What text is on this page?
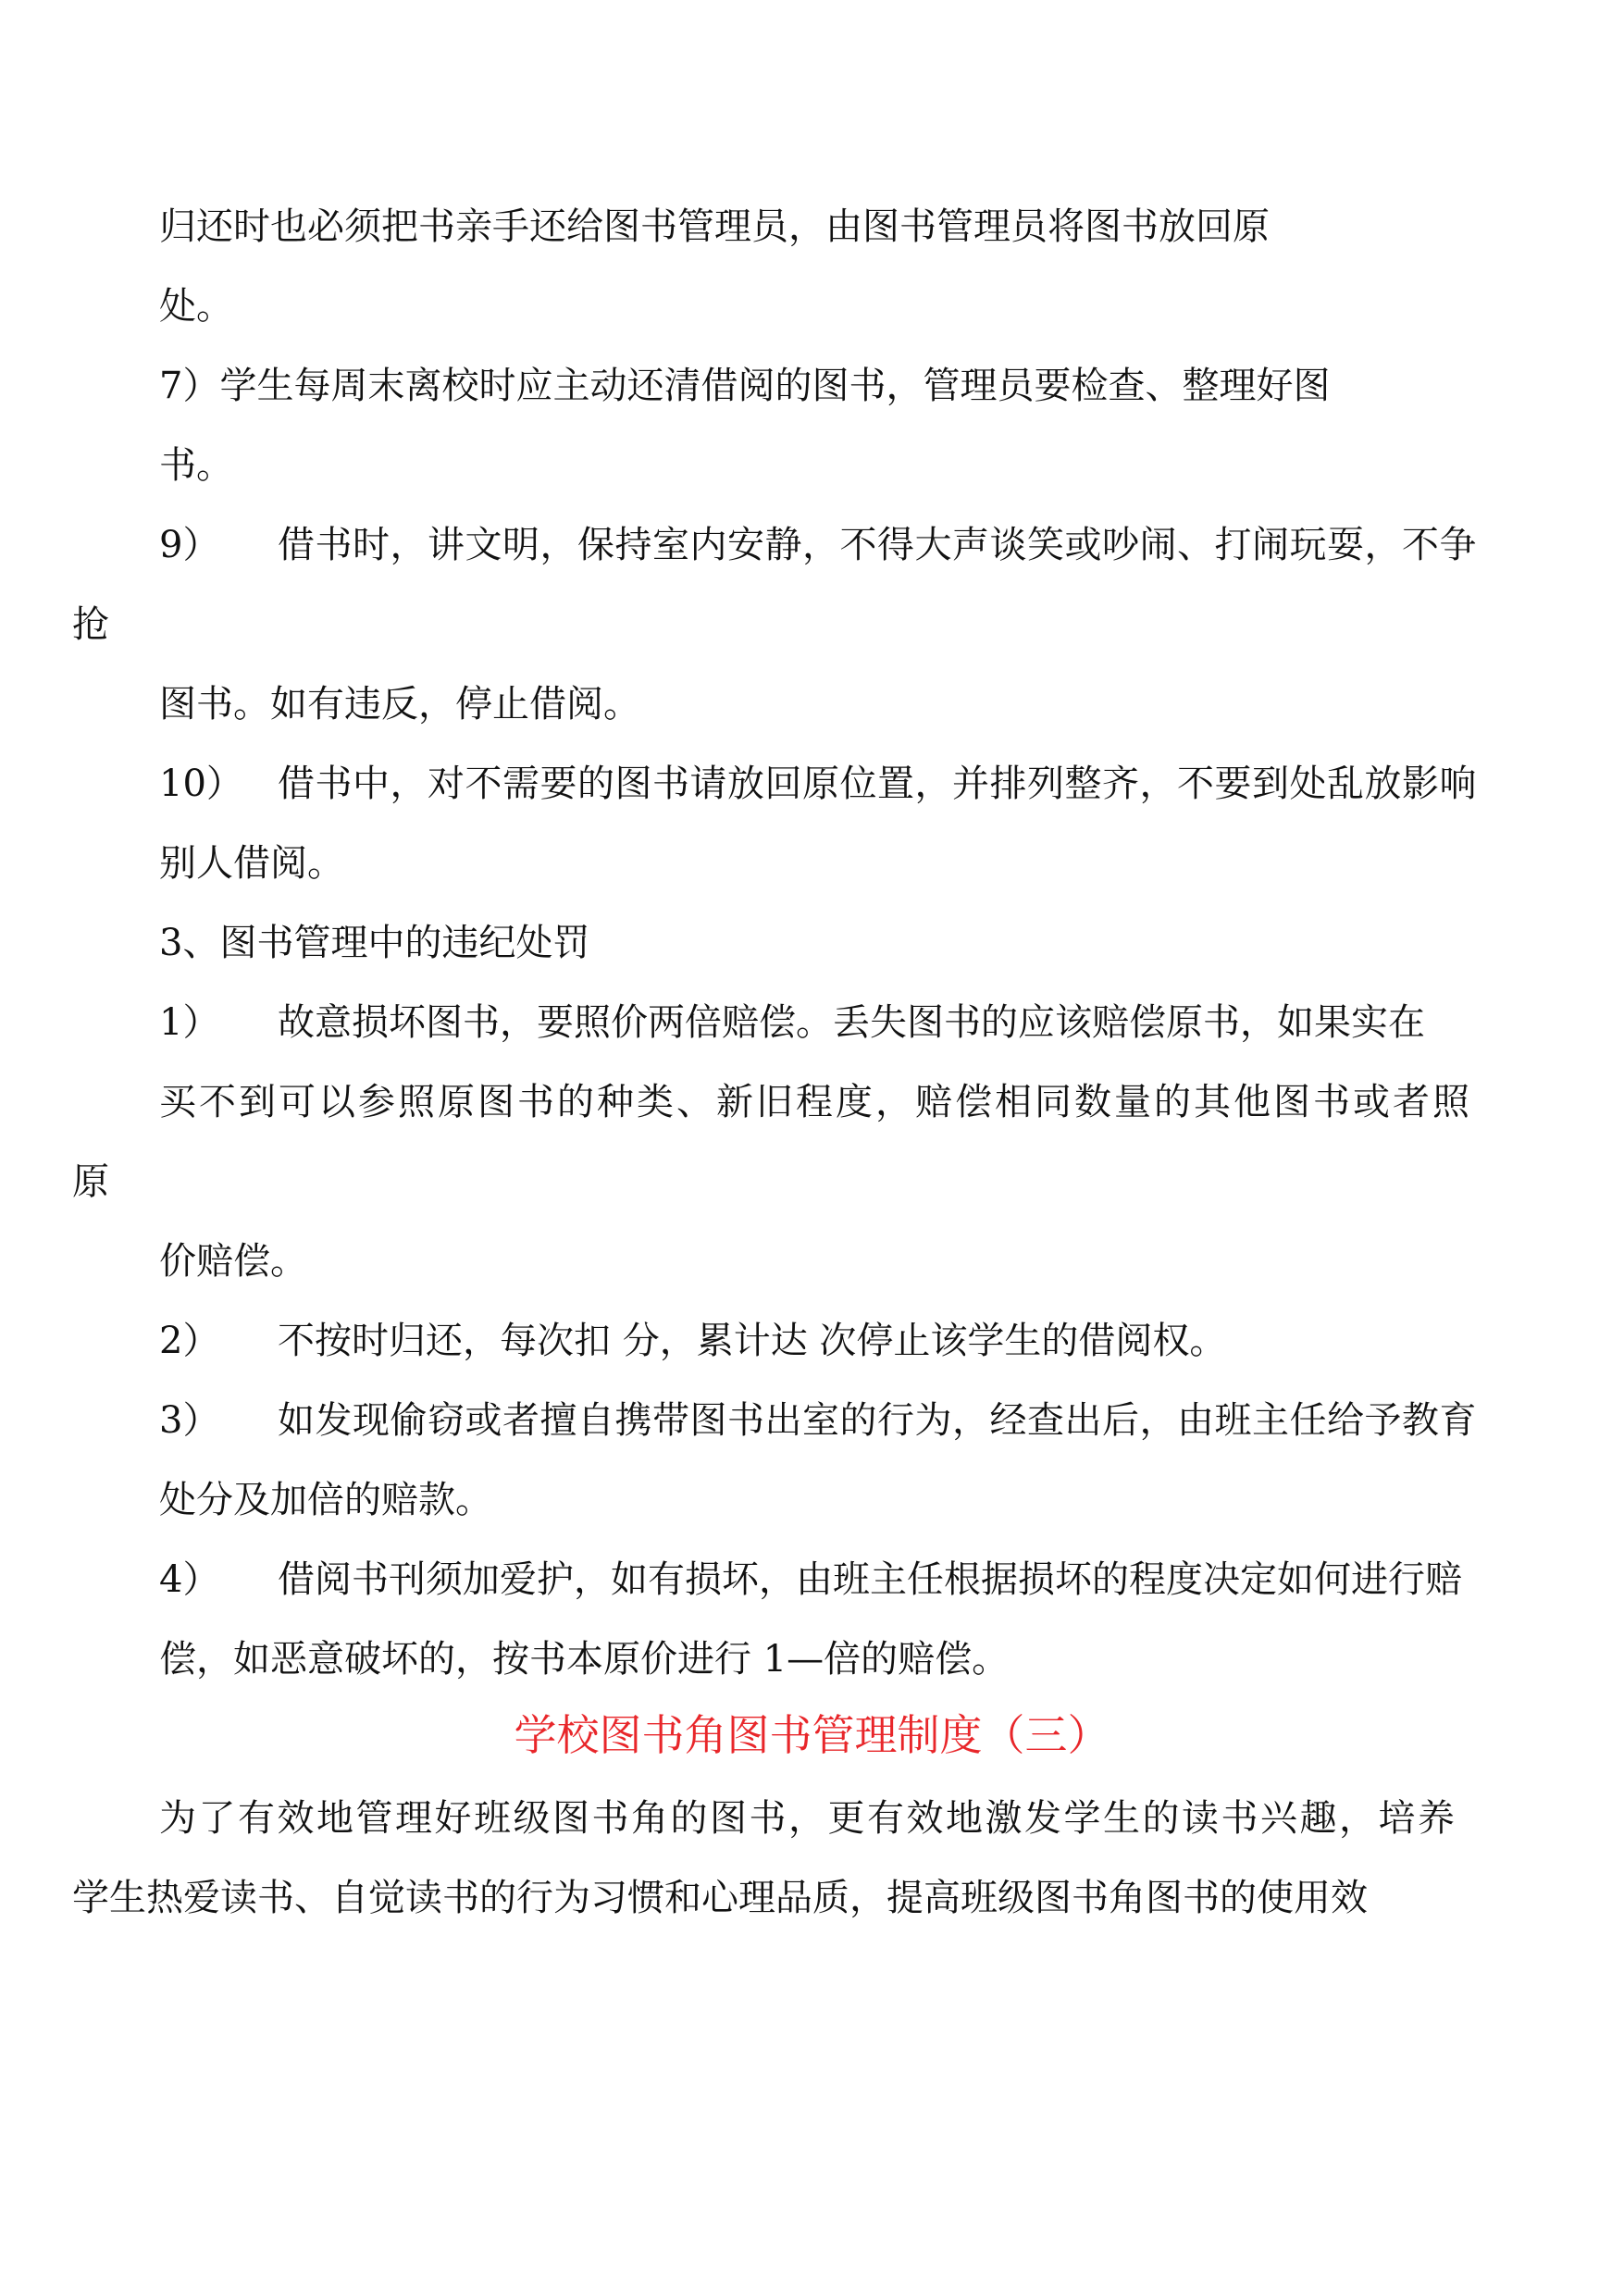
归还时也必须把书亲手还给图书管理员，由图书管理员将图书放回原
处。
7）学生每周末离校时应主动还清借阅的图书，管理员要检查、整理好图
书。
9） 借书时，讲文明，保持室内安静，不得大声谈笑或吵闹、打闹玩耍，不争
抢
图书。如有违反，停止借阅。
10） 借书中，对不需要的图书请放回原位置，并排列整齐，不要到处乱放影响
别人借阅。
3、图书管理中的违纪处罚
1） 故意损坏图书，要照价两倍赔偿。丢失图书的应该赔偿原书，如果实在
买不到可以参照原图书的种类、新旧程度，赔偿相同数量的其他图书或者照
原
价赔偿。
2） 不按时归还，每次扣 分，累计达 次停止该学生的借阅权。
3） 如发现偷窃或者擅自携带图书出室的行为，经查出后，由班主任给予教育
处分及加倍的赔款。
4） 借阅书刊须加爱护，如有损坏，由班主任根据损坏的程度决定如何进行赔
偿，如恶意破坏的，按书本原价进行 1—倍的赔偿。
学校图书角图书管理制度（三）
为了有效地管理好班级图书角的图书，更有效地激发学生的读书兴趣，培养
学生热爱读书、自觉读书的行为习惯和心理品质，提高班级图书角图书的使用效
